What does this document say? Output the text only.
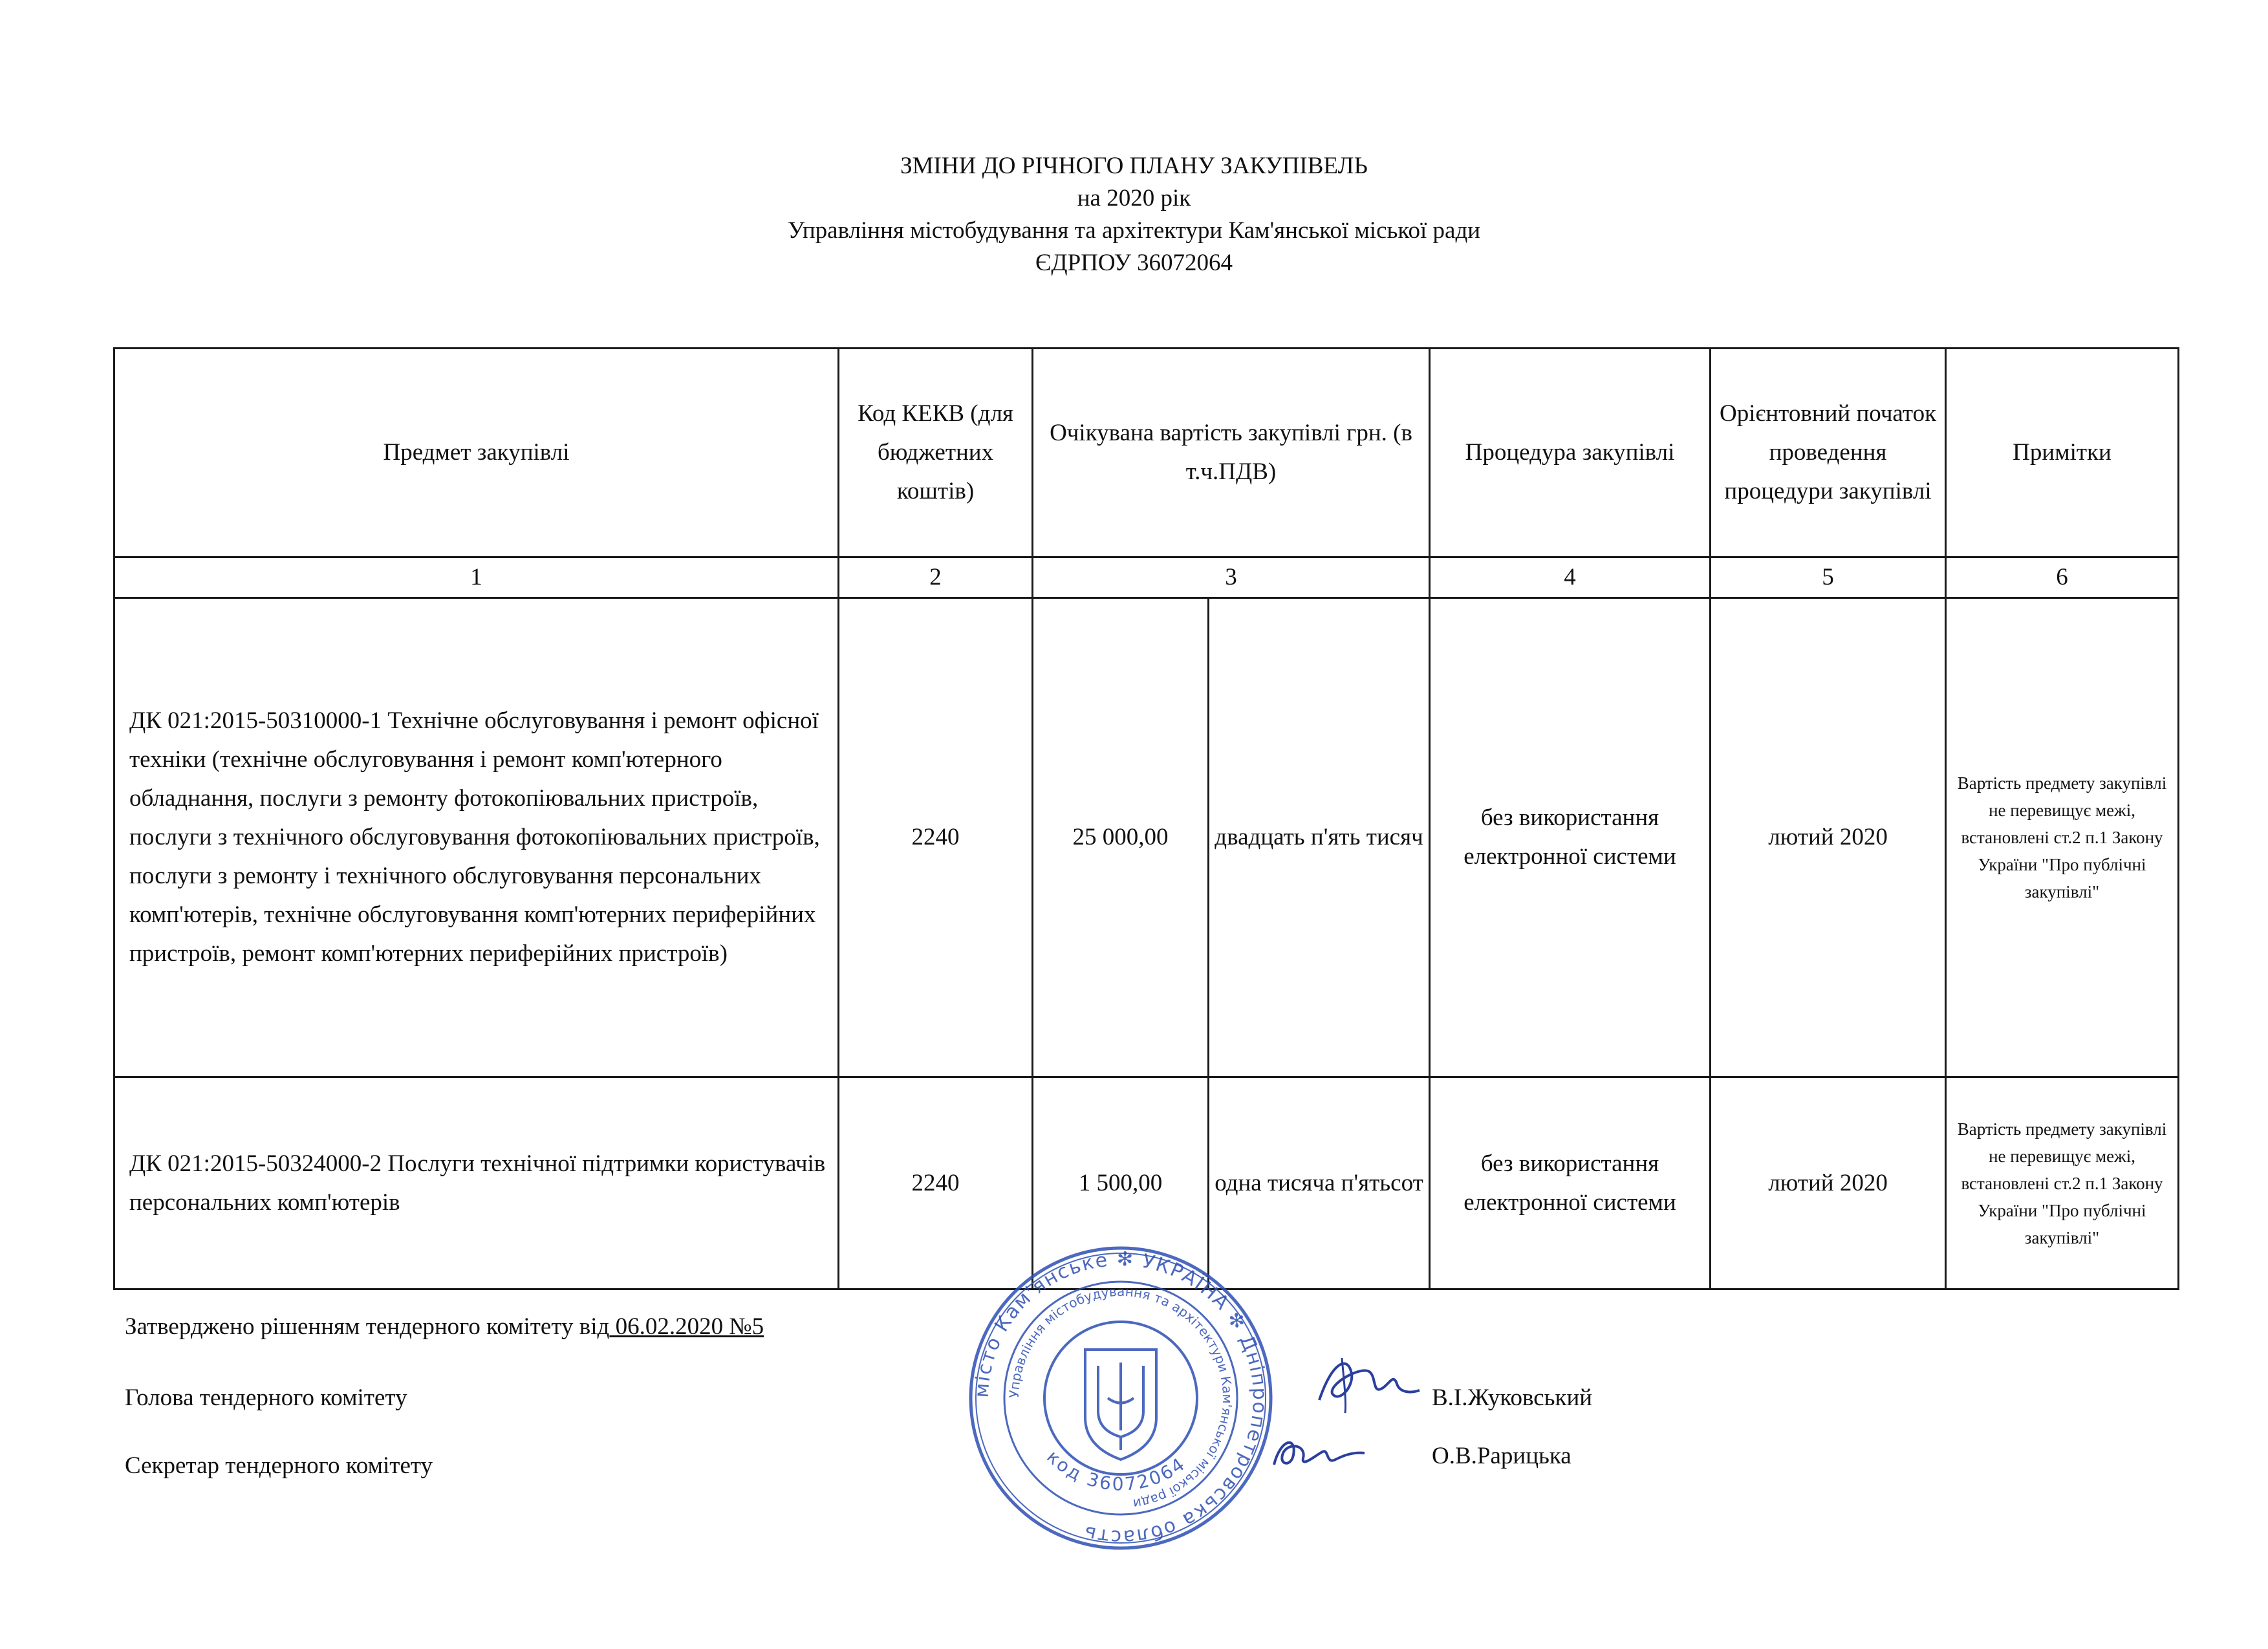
ЗМІНИ ДО РІЧНОГО ПЛАНУ ЗАКУПІВЕЛЬ
на 2020 рік
Управління містобудування та архітектури Кам'янської міської ради
ЄДРПОУ 36072064
Предмет закупівлі	Код КЕКВ (для бюджетних коштів)	Очікувана вартість закупівлі грн. (в т.ч.ПДВ)		Процедура закупівлі	Орієнтовний початок проведення процедури закупівлі	Примітки
1	2	3		4	5	6
ДК 021:2015-50310000-1 Технічне обслуговування і ремонт офісної техніки (технічне обслуговування і ремонт комп'ютерного обладнання, послуги з ремонту фотокопіювальних пристроїв, послуги з технічного обслуговування фотокопіювальних пристроїв, послуги з ремонту і технічного обслуговування персональних комп'ютерів, технічне обслуговування комп'ютерних периферійних пристроїв, ремонт комп'ютерних периферійних пристроїв)	2240	25 000,00	двадцать п'ять тисяч	без використання електронної системи	лютий 2020	Вартість предмету закупівлі не перевищує межі, встановлені ст.2 п.1 Закону України "Про публічні закупівлі"
ДК 021:2015-50324000-2 Послуги технічної підтримки користувачів персональних комп'ютерів	2240	1 500,00	одна тисяча п'ятьсот	без використання електронної системи	лютий 2020	Вартість предмету закупівлі не перевищує межі, встановлені ст.2 п.1 Закону України "Про публічні закупівлі"
Затверджено рішенням тендерного комітету від 06.02.2020 №5
Голова тендерного комітету	В.І.Жуковський
Секретар тендерного комітету	О.В.Рарицька
місто Кам'янське ✻ УКРАЇНА ✻ Дніпропетровська область
Управління містобудування та архітектури Кам'янської міської ради
код 36072064
